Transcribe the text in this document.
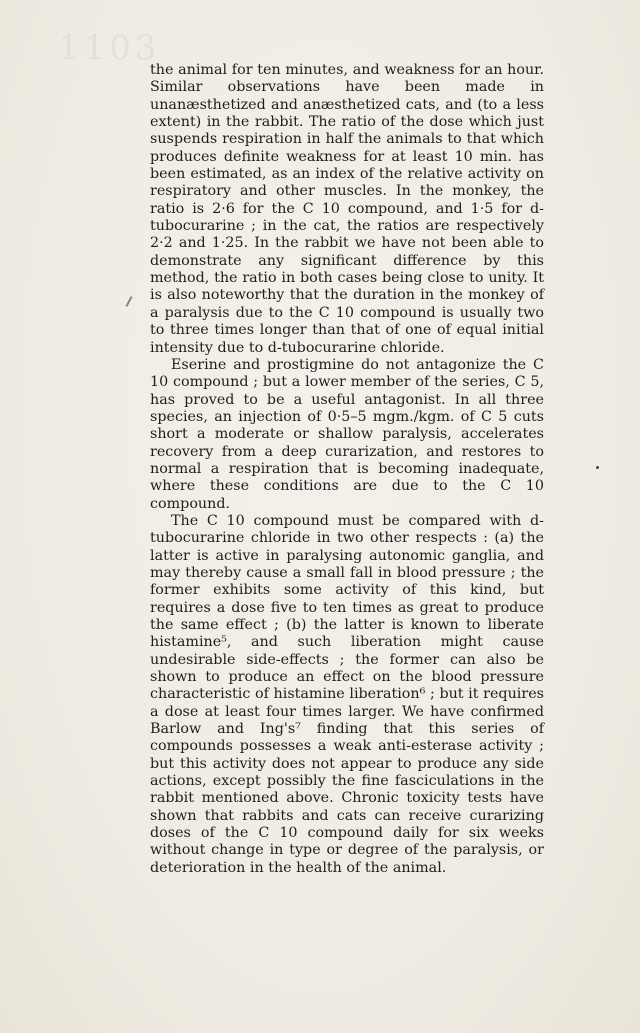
1103

the animal for ten minutes, and weakness for an hour. Similar observations have been made in unanæsthetized and anæsthetized cats, and (to a less extent) in the rabbit. The ratio of the dose which just suspends respiration in half the animals to that which produces definite weakness for at least 10 min. has been estimated, as an index of the relative activity on respiratory and other muscles. In the monkey, the ratio is 2·6 for the C 10 compound, and 1·5 for d-tubocurarine ; in the cat, the ratios are respectively 2·2 and 1·25. In the rabbit we have not been able to demonstrate any significant difference by this method, the ratio in both cases being close to unity. It is also noteworthy that the duration in the monkey of a paralysis due to the C 10 compound is usually two to three times longer than that of one of equal initial intensity due to d-tubocurarine chloride.

Eserine and prostigmine do not antagonize the C 10 compound ; but a lower member of the series, C 5, has proved to be a useful antagonist. In all three species, an injection of 0·5–5 mgm./kgm. of C 5 cuts short a moderate or shallow paralysis, accelerates recovery from a deep curarization, and restores to normal a respiration that is becoming inadequate, where these conditions are due to the C 10 compound.

The C 10 compound must be compared with d-tubocurarine chloride in two other respects : (a) the latter is active in paralysing autonomic ganglia, and may thereby cause a small fall in blood pressure ; the former exhibits some activity of this kind, but requires a dose five to ten times as great to produce the same effect ; (b) the latter is known to liberate histamine⁵, and such liberation might cause undesirable side-effects ; the former can also be shown to produce an effect on the blood pressure characteristic of histamine liberation⁶ ; but it requires a dose at least four times larger. We have confirmed Barlow and Ing's⁷ finding that this series of compounds possesses a weak anti-esterase activity ; but this activity does not appear to produce any side actions, except possibly the fine fasciculations in the rabbit mentioned above. Chronic toxicity tests have shown that rabbits and cats can receive curarizing doses of the C 10 compound daily for six weeks without change in type or degree of the paralysis, or deterioration in the health of the animal.
